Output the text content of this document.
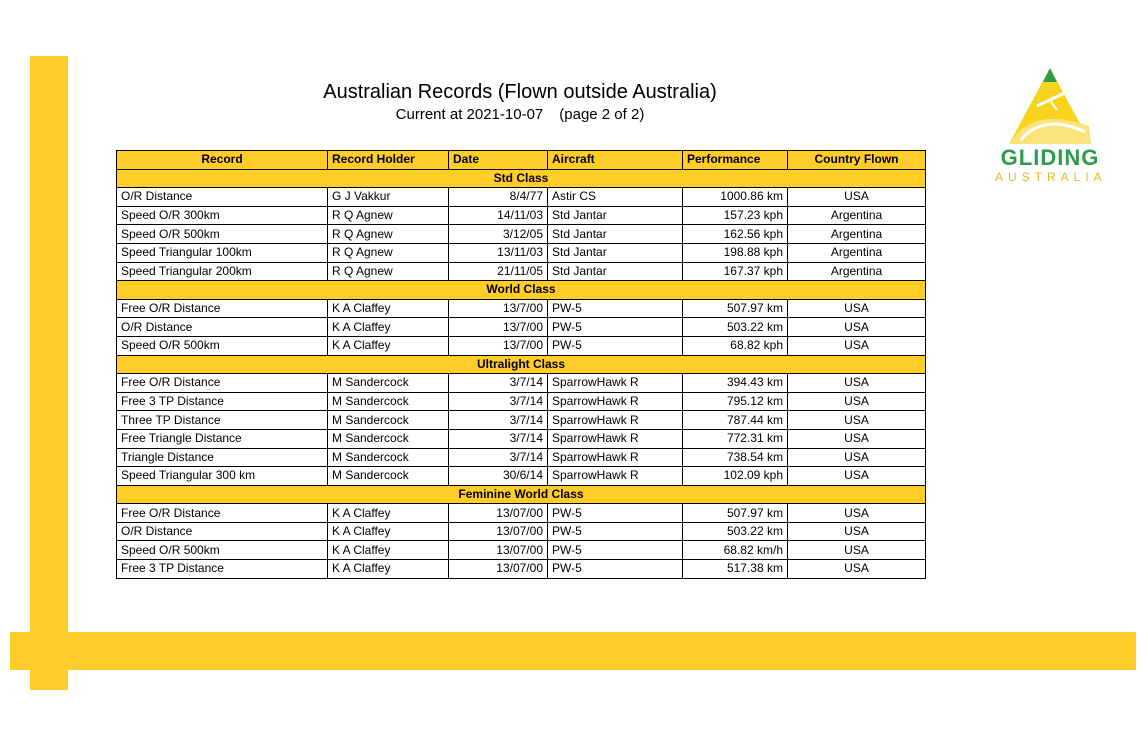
Australian Records (Flown outside Australia)
Current at 2021-10-07 (page 2 of 2)
GLIDING
AUSTRALIA
Record	Record Holder	Date	Aircraft	Performance	Country Flown
Std Class					
O/R Distance	G J Vakkur	8/4/77	Astir CS	1000.86 km	USA
Speed O/R 300km	R Q Agnew	14/11/03	Std Jantar	157.23 kph	Argentina
Speed O/R 500km	R Q Agnew	3/12/05	Std Jantar	162.56 kph	Argentina
Speed Triangular 100km	R Q Agnew	13/11/03	Std Jantar	198.88 kph	Argentina
Speed Triangular 200km	R Q Agnew	21/11/05	Std Jantar	167.37 kph	Argentina
World Class					
Free O/R Distance	K A Claffey	13/7/00	PW-5	507.97 km	USA
O/R Distance	K A Claffey	13/7/00	PW-5	503.22 km	USA
Speed O/R 500km	K A Claffey	13/7/00	PW-5	68.82 kph	USA
Ultralight Class					
Free O/R Distance	M Sandercock	3/7/14	SparrowHawk R	394.43 km	USA
Free 3 TP Distance	M Sandercock	3/7/14	SparrowHawk R	795.12 km	USA
Three TP Distance	M Sandercock	3/7/14	SparrowHawk R	787.44 km	USA
Free Triangle Distance	M Sandercock	3/7/14	SparrowHawk R	772.31 km	USA
Triangle Distance	M Sandercock	3/7/14	SparrowHawk R	738.54 km	USA
Speed Triangular 300 km	M Sandercock	30/6/14	SparrowHawk R	102.09 kph	USA
Feminine World Class					
Free O/R Distance	K A Claffey	13/07/00	PW-5	507.97 km	USA
O/R Distance	K A Claffey	13/07/00	PW-5	503.22 km	USA
Speed O/R 500km	K A Claffey	13/07/00	PW-5	68.82 km/h	USA
Free 3 TP Distance	K A Claffey	13/07/00	PW-5	517.38 km	USA
